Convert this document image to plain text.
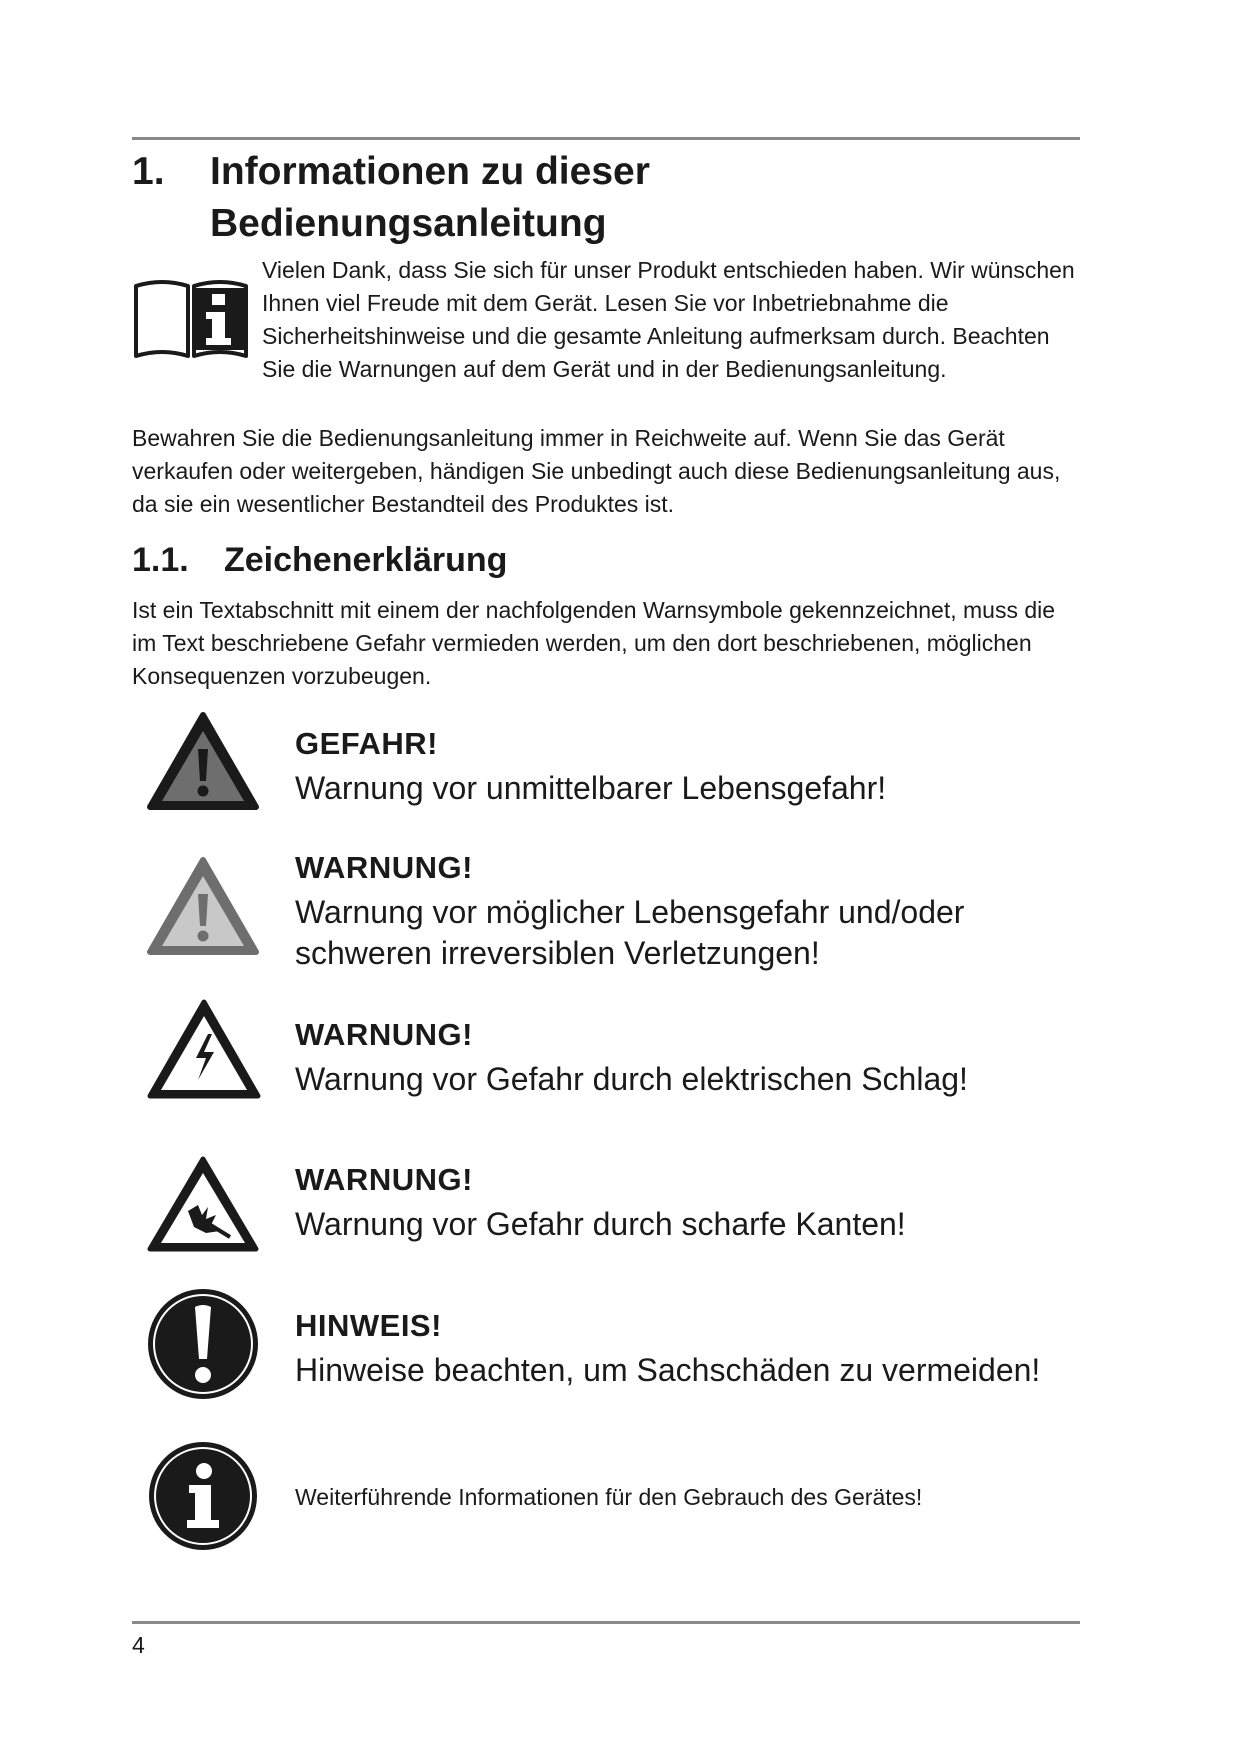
1. Informationen zu dieser
Bedienungsanleitung

Vielen Dank, dass Sie sich für unser Produkt entschieden haben. Wir wünschen Ihnen viel Freude mit dem Gerät. Lesen Sie vor Inbetriebnahme die Sicherheitshinweise und die gesamte Anleitung aufmerksam durch. Beachten Sie die Warnungen auf dem Gerät und in der Bedienungsanleitung.

Bewahren Sie die Bedienungsanleitung immer in Reichweite auf. Wenn Sie das Gerät verkaufen oder weitergeben, händigen Sie unbedingt auch diese Bedienungsanleitung aus, da sie ein wesentlicher Bestandteil des Produktes ist.

1.1. Zeichenerklärung

Ist ein Textabschnitt mit einem der nachfolgenden Warnsymbole gekennzeichnet, muss die im Text beschriebene Gefahr vermieden werden, um den dort beschriebenen, möglichen Konsequenzen vorzubeugen.

GEFAHR!

Warnung vor unmittelbarer Lebensgefahr!

WARNUNG!

Warnung vor möglicher Lebensgefahr und/oder schweren irreversiblen Verletzungen!

WARNUNG!

Warnung vor Gefahr durch elektrischen Schlag!

WARNUNG!

Warnung vor Gefahr durch scharfe Kanten!

HINWEIS!

Hinweise beachten, um Sachschäden zu vermeiden!

Weiterführende Informationen für den Gebrauch des Gerätes!

4
